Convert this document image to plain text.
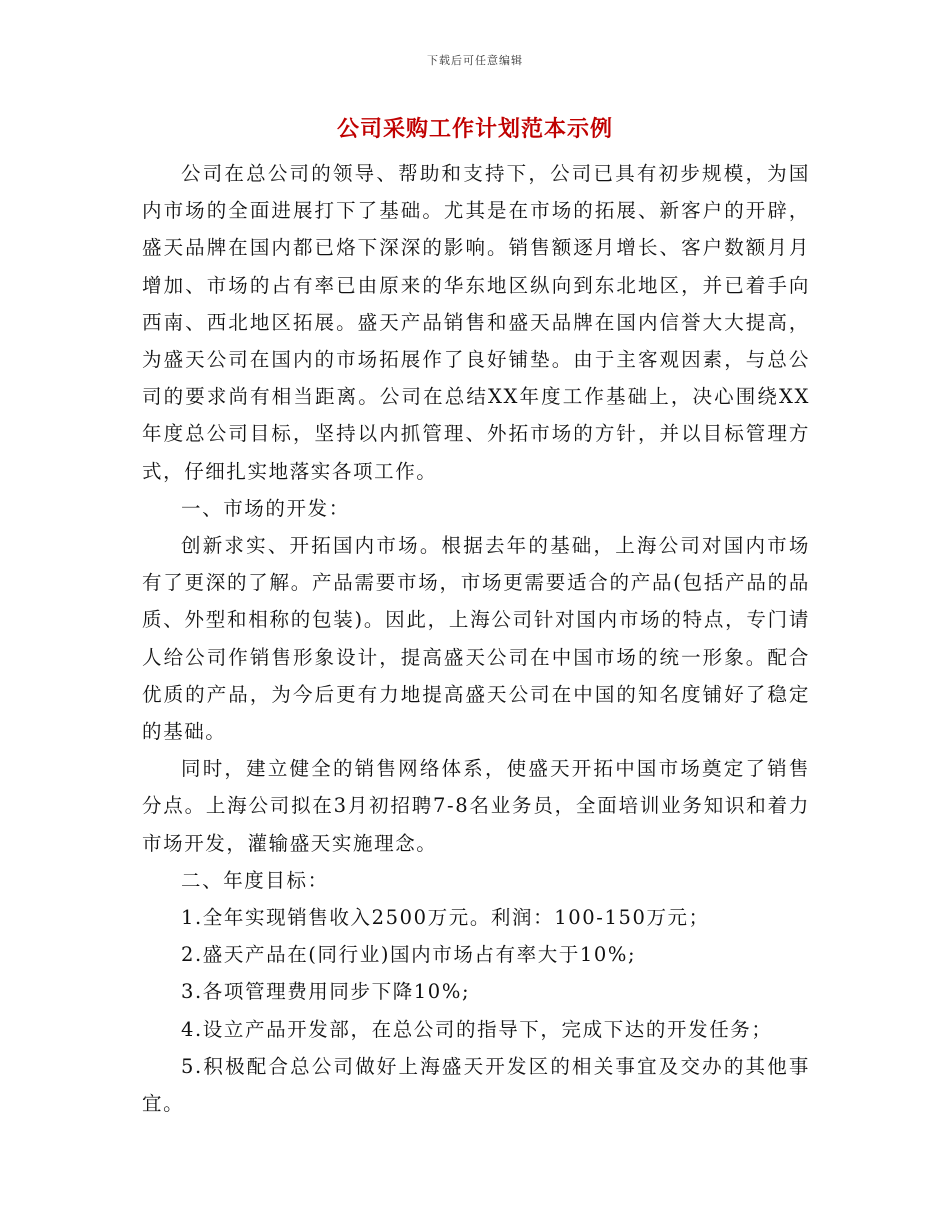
下载后可任意编辑
公司采购工作计划范本示例

公司在总公司的领导、帮助和支持下，公司已具有初步规模，为国内市场的全面进展打下了基础。尤其是在市场的拓展、新客户的开辟，盛天品牌在国内都已烙下深深的影响。销售额逐月增长、客户数额月月增加、市场的占有率已由原来的华东地区纵向到东北地区，并已着手向西南、西北地区拓展。盛天产品销售和盛天品牌在国内信誉大大提高，为盛天公司在国内的市场拓展作了良好铺垫。由于主客观因素，与总公司的要求尚有相当距离。公司在总结XX年度工作基础上，决心围绕XX年度总公司目标，坚持以内抓管理、外拓市场的方针，并以目标管理方式，仔细扎实地落实各项工作。

一、市场的开发：

创新求实、开拓国内市场。根据去年的基础，上海公司对国内市场有了更深的了解。产品需要市场，市场更需要适合的产品(包括产品的品质、外型和相称的包装)。因此，上海公司针对国内市场的特点，专门请人给公司作销售形象设计，提高盛天公司在中国市场的统一形象。配合优质的产品，为今后更有力地提高盛天公司在中国的知名度铺好了稳定的基础。

同时，建立健全的销售网络体系，使盛天开拓中国市场奠定了销售分点。上海公司拟在3月初招聘7-8名业务员，全面培训业务知识和着力市场开发，灌输盛天实施理念。

二、年度目标：

1.全年实现销售收入2500万元。利润：100-150万元；

2.盛天产品在(同行业)国内市场占有率大于10%;

3.各项管理费用同步下降10%;

4.设立产品开发部，在总公司的指导下，完成下达的开发任务；

5.积极配合总公司做好上海盛天开发区的相关事宜及交办的其他事宜。
